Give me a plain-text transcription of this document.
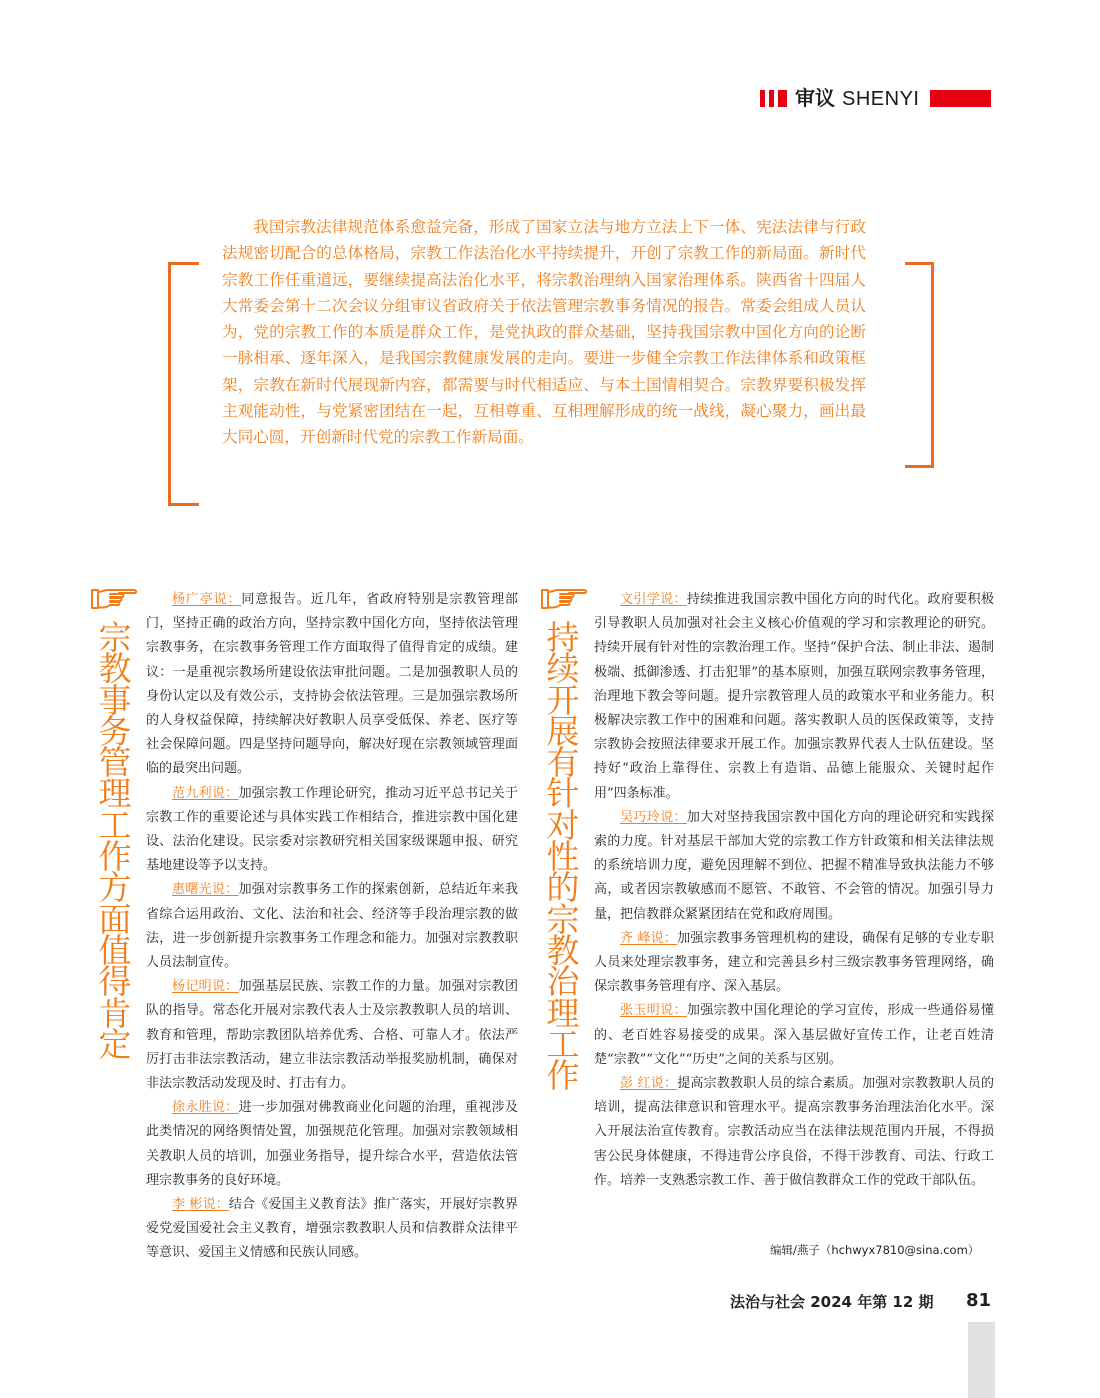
审议 SHENYI
我国宗教法律规范体系愈益完备，形成了国家立法与地方立法上下一体、宪法法律与行政法规密切配合的总体格局，宗教工作法治化水平持续提升，开创了宗教工作的新局面。新时代宗教工作任重道远，要继续提高法治化水平，将宗教治理纳入国家治理体系。陕西省十四届人大常委会第十二次会议分组审议省政府关于依法管理宗教事务情况的报告。常委会组成人员认为，党的宗教工作的本质是群众工作，是党执政的群众基础，坚持我国宗教中国化方向的论断一脉相承、逐年深入，是我国宗教健康发展的走向。要进一步健全宗教工作法律体系和政策框架，宗教在新时代展现新内容，都需要与时代相适应、与本土国情相契合。宗教界要积极发挥主观能动性，与党紧密团结在一起，互相尊重、互相理解形成的统一战线，凝心聚力，画出最大同心圆，开创新时代党的宗教工作新局面。
宗教事务管理工作方面值得肯定

杨广亭说：同意报告。近几年，省政府特别是宗教管理部门，坚持正确的政治方向，坚持宗教中国化方向，坚持依法管理宗教事务，在宗教事务管理工作方面取得了值得肯定的成绩。建议：一是重视宗教场所建设依法审批问题。二是加强教职人员的身份认定以及有效公示，支持协会依法管理。三是加强宗教场所的人身权益保障，持续解决好教职人员享受低保、养老、医疗等社会保障问题。四是坚持问题导向，解决好现在宗教领域管理面临的最突出问题。

范九利说：加强宗教工作理论研究，推动习近平总书记关于宗教工作的重要论述与具体实践工作相结合，推进宗教中国化建设、法治化建设。民宗委对宗教研究相关国家级课题申报、研究基地建设等予以支持。

惠曙光说：加强对宗教事务工作的探索创新，总结近年来我省综合运用政治、文化、法治和社会、经济等手段治理宗教的做法，进一步创新提升宗教事务工作理念和能力。加强对宗教教职人员法制宣传。

杨记明说：加强基层民族、宗教工作的力量。加强对宗教团队的指导。常态化开展对宗教代表人士及宗教教职人员的培训、教育和管理，帮助宗教团队培养优秀、合格、可靠人才。依法严厉打击非法宗教活动，建立非法宗教活动举报奖励机制，确保对非法宗教活动发现及时、打击有力。

徐永胜说：进一步加强对佛教商业化问题的治理，重视涉及此类情况的网络舆情处置，加强规范化管理。加强对宗教领域相关教职人员的培训，加强业务指导，提升综合水平，营造依法管理宗教事务的良好环境。

李 彬说：结合《爱国主义教育法》推广落实，开展好宗教界爱党爱国爱社会主义教育，增强宗教教职人员和信教群众法律平等意识、爱国主义情感和民族认同感。

持续开展有针对性的宗教治理工作

文引学说：持续推进我国宗教中国化方向的时代化。政府要积极引导教职人员加强对社会主义核心价值观的学习和宗教理论的研究。持续开展有针对性的宗教治理工作。坚持“保护合法、制止非法、遏制极端、抵御渗透、打击犯罪”的基本原则，加强互联网宗教事务管理，治理地下教会等问题。提升宗教管理人员的政策水平和业务能力。积极解决宗教工作中的困难和问题。落实教职人员的医保政策等，支持宗教协会按照法律要求开展工作。加强宗教界代表人士队伍建设。坚持好“政治上靠得住、宗教上有造诣、品德上能服众、关键时起作用”四条标准。

吴巧玲说：加大对坚持我国宗教中国化方向的理论研究和实践探索的力度。针对基层干部加大党的宗教工作方针政策和相关法律法规的系统培训力度，避免因理解不到位、把握不精准导致执法能力不够高，或者因宗教敏感而不愿管、不敢管、不会管的情况。加强引导力量，把信教群众紧紧团结在党和政府周围。

齐 峰说：加强宗教事务管理机构的建设，确保有足够的专业专职人员来处理宗教事务，建立和完善县乡村三级宗教事务管理网络，确保宗教事务管理有序、深入基层。

张玉明说：加强宗教中国化理论的学习宣传，形成一些通俗易懂的、老百姓容易接受的成果。深入基层做好宣传工作，让老百姓清楚“宗教”“文化”“历史”之间的关系与区别。

彭 红说：提高宗教教职人员的综合素质。加强对宗教教职人员的培训，提高法律意识和管理水平。提高宗教事务治理法治化水平。深入开展法治宣传教育。宗教活动应当在法律法规范围内开展，不得损害公民身体健康，不得违背公序良俗，不得干涉教育、司法、行政工作。培养一支熟悉宗教工作、善于做信教群众工作的党政干部队伍。

编辑/燕子（hchwyx7810@sina.com）
法治与社会 2024 年第 12 期 81
